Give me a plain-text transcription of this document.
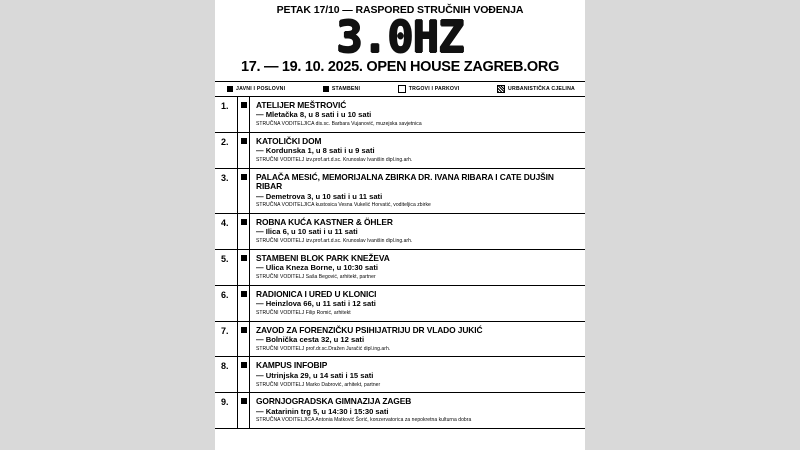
PETAK 17/10 — RASPORED STRUČNIH VOĐENJA
3.0HZ
17. — 19. 10. 2025. OPEN HOUSE ZAGREB.ORG
JAVNI I POSLOVNI	STAMBENI	TRGOVI I PARKOVI	URBANISTIČKA CJELINA
1.	ATELIJER MEŠTROVIĆ
— Mletačka 8, u 8 sati i u 10 sati
STRUČNA VODITELJICA dis.sc. Barbara Vujanović, muzejska savjetnica
2.	KATOLIČKI DOM
— Kordunska 1, u 8 sati i u 9 sati
STRUČNI VODITELJ izv.prof.art.d.sc. Krunoslav Ivanišin dipl.ing.arh.
3.	PALAČA MESIĆ, MEMORIJALNA ZBIRKA DR. IVANA RIBARA I CATE DUJŠIN RIBAR
— Demetrova 3, u 10 sati i u 11 sati
STRUČNA VODITELJICA kustosica Vesna Vukelić Horvatić, voditeljica zbirke
4.	ROBNA KUĆA KASTNER & ÖHLER
— Ilica 6, u 10 sati i u 11 sati
STRUČNI VODITELJ izv.prof.art.d.sc. Krunoslav Ivanišin dipl.ing.arh.
5.	STAMBENI BLOK PARK KNEŽEVA
— Ulica Kneza Borne, u 10:30 sati
STRUČNI VODITELJ Saša Begović, arhitekt, partner
6.	RADIONICA I URED U KLONICI
— Heinzlova 66, u 11 sati i 12 sati
STRUČNI VODITELJ Filip Romić, arhitekt
7.	ZAVOD ZA FORENZIČKU PSIHIJATRIJU DR VLADO JUKIĆ
— Bolnička cesta 32, u 12 sati
STRUČNI VODITELJ prof.dr.sc.Dražen Juračić dipl.ing.arh.
8.	KAMPUS INFOBIP
— Utrinjska 29, u 14 sati i 15 sati
STRUČNI VODITELJ Marko Dabrović, arhitekt, partner
9.	GORNJOGRADSKA GIMNAZIJA ZAGEB
— Katarinin trg 5, u 14:30 i 15:30 sati
STRUČNA VODITELJICA Antonia Matković Šorić, konzervatorica za nepokretna kulturna dobra
